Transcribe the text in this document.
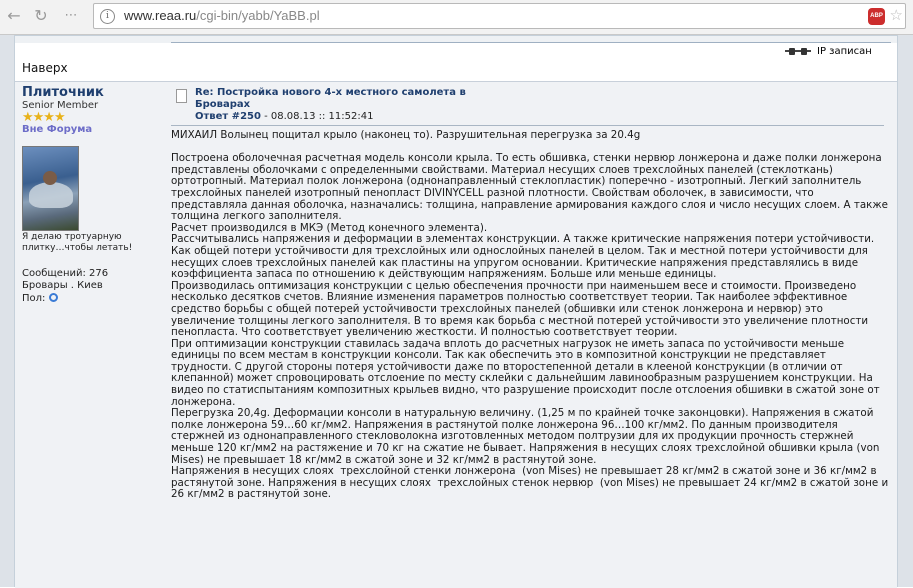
← ↻	⋯	i	www.reaa.ru/cgi-bin/yabb/YaBB.pl	ABP ☆
IP записан
Наверх
Плиточник
Senior Member
★★★★
Вне Форума
Я делаю тротуарную плитку…чтобы летать!
Сообщений: 276
Бровары . Киев
Пол:
Re: Постройка нового 4-х местного самолета в Броварах
Ответ #250 - 08.08.13 :: 11:52:41

МИХАИЛ Волынец пощитал крыло (наконец то). Разрушительная перегрузка за 20.4g

Построена оболочечная расчетная модель консоли крыла. То есть обшивка, стенки нервюр лонжерона и даже полки лонжерона представлены оболочками с определенными свойствами. Материал несущих слоев трехслойных панелей (стеклоткань) ортотропный. Материал полок лонжерона (однонаправленный стеклопластик) поперечно - изотропный. Легкий заполнитель трехслойных панелей изотропный пенопласт DIVINYCELL разной плотности. Свойствам оболочек, в зависимости, что представляла данная оболочка, назначались: толщина, направление армирования каждого слоя и число несущих слоем. А также толщина легкого заполнителя.

Расчет производился в МКЭ (Метод конечного элемента).

Рассчитывались напряжения и деформации в элементах конструкции. А также критические напряжения потери устойчивости. Как общей потери устойчивости для трехслойных или однослойных панелей в целом. Так и местной потери устойчивости для несущих слоев трехслойных панелей как пластины на упругом основании. Критические напряжения представлялись в виде коэффициента запаса по отношению к действующим напряжениям. Больше или меньше единицы.

Производилась оптимизация конструкции с целью обеспечения прочности при наименьшем весе и стоимости. Произведено несколько десятков счетов. Влияние изменения параметров полностью соответствует теории. Так наиболее эффективное средство борьбы с общей потерей устойчивости трехслойных панелей (обшивки или стенок лонжерона и нервюр) это увеличение толщины легкого заполнителя. В то время как борьба с местной потерей устойчивости это увеличение плотности пенопласта. Что соответствует увеличению жесткости. И полностью соответствует теории.

При оптимизации конструкции ставилась задача вплоть до расчетных нагрузок не иметь запаса по устойчивости меньше единицы по всем местам в конструкции консоли. Так как обеспечить это в композитной конструкции не представляет трудности. С другой стороны потеря устойчивости даже по второстепенной детали в клееной конструкции (в отличии от клепанной) может спровоцировать отслоение по месту склейки с дальнейшим лавинообразным разрушением конструкции. На видео по статиспытаниям композитных крыльев видно, что разрушение происходит после отслоения обшивки в сжатой зоне от лонжерона.

Перегрузка 20,4g. Деформации консоли в натуральную величину. (1,25 м по крайней точке законцовки). Напряжения в сжатой полке лонжерона 59…60 кг/мм2. Напряжения в растянутой полке лонжерона 96…100 кг/мм2. По данным производителя стержней из однонаправленного стекловолокна изготовленных методом полтрузии для их продукции прочность стержней меньше 120 кг/мм2 на растяжение и 70 кг на сжатие не бывает. Напряжения в несущих слоях трехслойной обшивки крыла (von Mises) не превышает 18 кг/мм2 в сжатой зоне и 32 кг/мм2 в растянутой зоне.

Напряжения в несущих слоях  трехслойной стенки лонжерона  (von Mises) не превышает 28 кг/мм2 в сжатой зоне и 36 кг/мм2 в растянутой зоне. Напряжения в несущих слоях  трехслойных стенок нервюр  (von Mises) не превышает 24 кг/мм2 в сжатой зоне и 26 кг/мм2 в растянутой зоне.
